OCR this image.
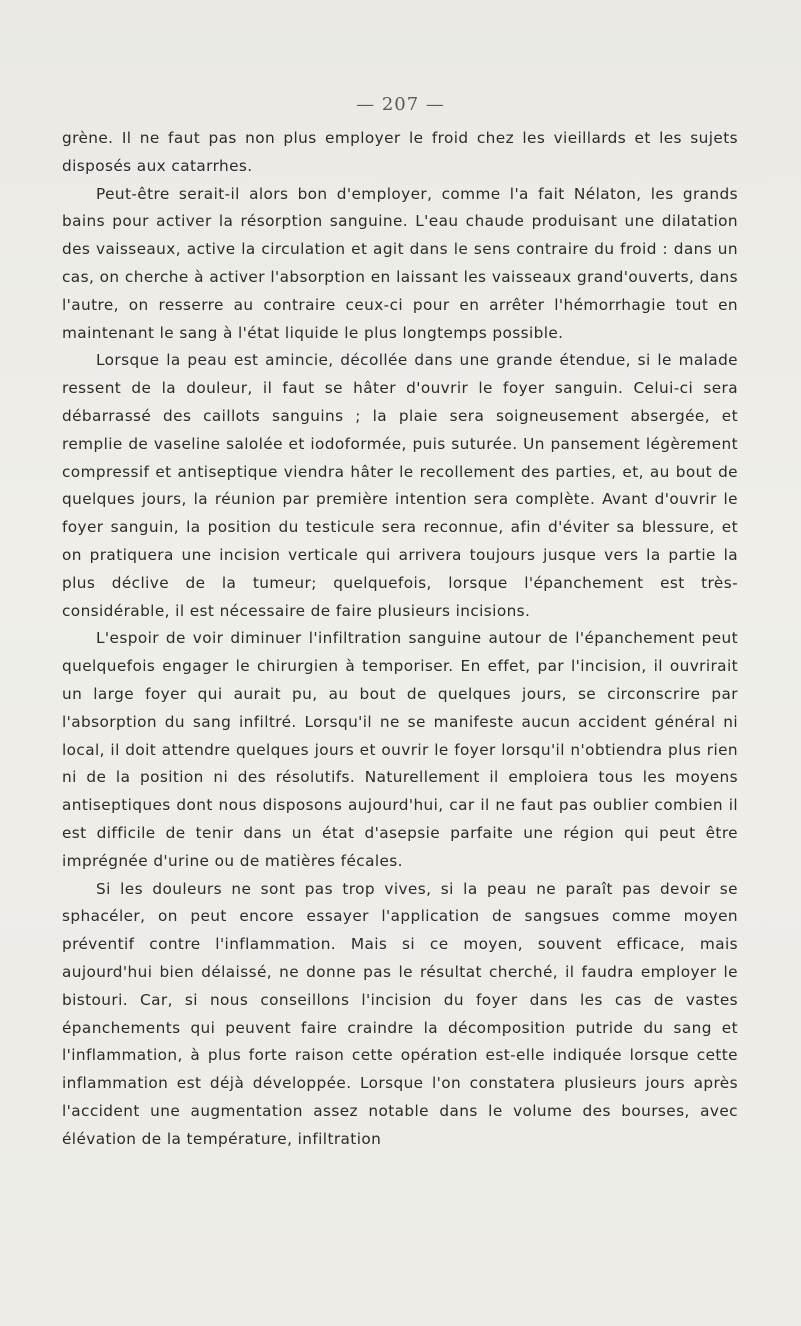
— 207 —

grène. Il ne faut pas non plus employer le froid chez les vieillards et les sujets disposés aux catarrhes.

Peut-être serait-il alors bon d'employer, comme l'a fait Nélaton, les grands bains pour activer la résorption sanguine. L'eau chaude produisant une dilatation des vaisseaux, active la circulation et agit dans le sens contraire du froid : dans un cas, on cherche à activer l'absorption en laissant les vaisseaux grand'ouverts, dans l'autre, on resserre au contraire ceux-ci pour en arrêter l'hémorrhagie tout en maintenant le sang à l'état liquide le plus longtemps possible.

Lorsque la peau est amincie, décollée dans une grande étendue, si le malade ressent de la douleur, il faut se hâter d'ouvrir le foyer sanguin. Celui-ci sera débarrassé des caillots sanguins ; la plaie sera soigneusement absergée, et remplie de vaseline salolée et iodoformée, puis suturée. Un pansement légèrement compressif et antiseptique viendra hâter le recollement des parties, et, au bout de quelques jours, la réunion par première intention sera complète. Avant d'ouvrir le foyer sanguin, la position du testicule sera reconnue, afin d'éviter sa blessure, et on pratiquera une incision verticale qui arrivera toujours jusque vers la partie la plus déclive de la tumeur; quelquefois, lorsque l'épanchement est très-considérable, il est nécessaire de faire plusieurs incisions.

L'espoir de voir diminuer l'infiltration sanguine autour de l'épanchement peut quelquefois engager le chirurgien à temporiser. En effet, par l'incision, il ouvrirait un large foyer qui aurait pu, au bout de quelques jours, se circonscrire par l'absorption du sang infiltré. Lorsqu'il ne se manifeste aucun accident général ni local, il doit attendre quelques jours et ouvrir le foyer lorsqu'il n'obtiendra plus rien ni de la position ni des résolutifs. Naturellement il emploiera tous les moyens antiseptiques dont nous disposons aujourd'hui, car il ne faut pas oublier combien il est difficile de tenir dans un état d'asepsie parfaite une région qui peut être imprégnée d'urine ou de matières fécales.

Si les douleurs ne sont pas trop vives, si la peau ne paraît pas devoir se sphacéler, on peut encore essayer l'application de sangsues comme moyen préventif contre l'inflammation. Mais si ce moyen, souvent efficace, mais aujourd'hui bien délaissé, ne donne pas le résultat cherché, il faudra employer le bistouri. Car, si nous conseillons l'incision du foyer dans les cas de vastes épanchements qui peuvent faire craindre la décomposition putride du sang et l'inflammation, à plus forte raison cette opération est-elle indiquée lorsque cette inflammation est déjà développée. Lorsque l'on constatera plusieurs jours après l'accident une augmentation assez notable dans le volume des bourses, avec élévation de la température, infiltration
